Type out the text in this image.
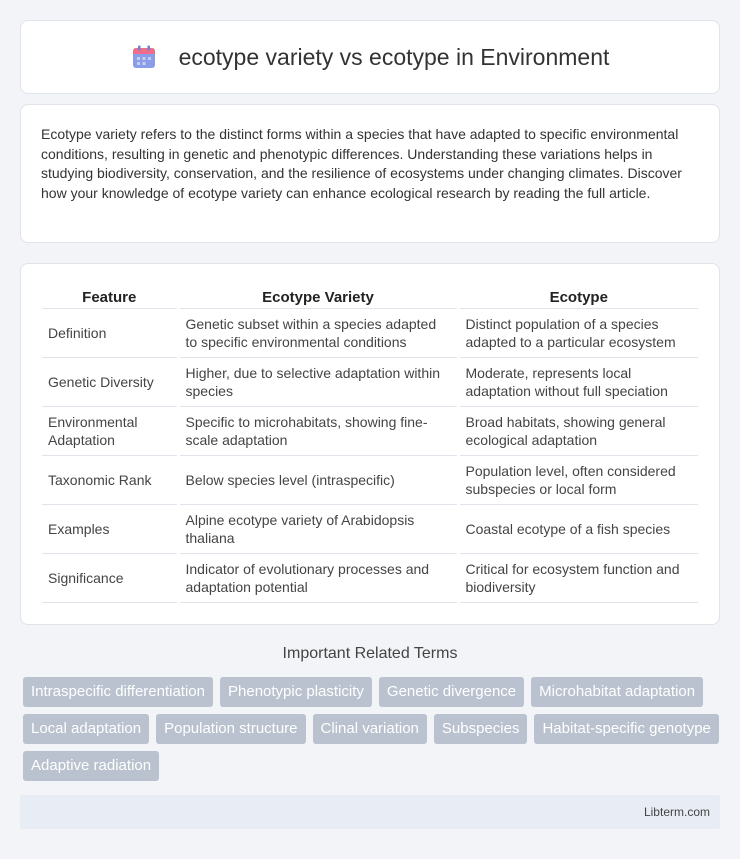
ecotype variety vs ecotype in Environment

Ecotype variety refers to the distinct forms within a species that have adapted to specific environmental conditions, resulting in genetic and phenotypic differences. Understanding these variations helps in studying biodiversity, conservation, and the resilience of ecosystems under changing climates. Discover how your knowledge of ecotype variety can enhance ecological research by reading the full article.

Feature	Ecotype Variety	Ecotype
Definition	Genetic subset within a species adapted to specific environmental conditions	Distinct population of a species adapted to a particular ecosystem
Genetic Diversity	Higher, due to selective adaptation within species	Moderate, represents local adaptation without full speciation
Environmental Adaptation	Specific to microhabitats, showing fine-scale adaptation	Broad habitats, showing general ecological adaptation
Taxonomic Rank	Below species level (intraspecific)	Population level, often considered subspecies or local form
Examples	Alpine ecotype variety of Arabidopsis thaliana	Coastal ecotype of a fish species
Significance	Indicator of evolutionary processes and adaptation potential	Critical for ecosystem function and biodiversity
Important Related Terms
Intraspecific differentiation	Phenotypic plasticity	Genetic divergence	Microhabitat adaptation
Local adaptation	Population structure	Clinal variation	Subspecies	Habitat-specific genotype
Adaptive radiation
Libterm.com
